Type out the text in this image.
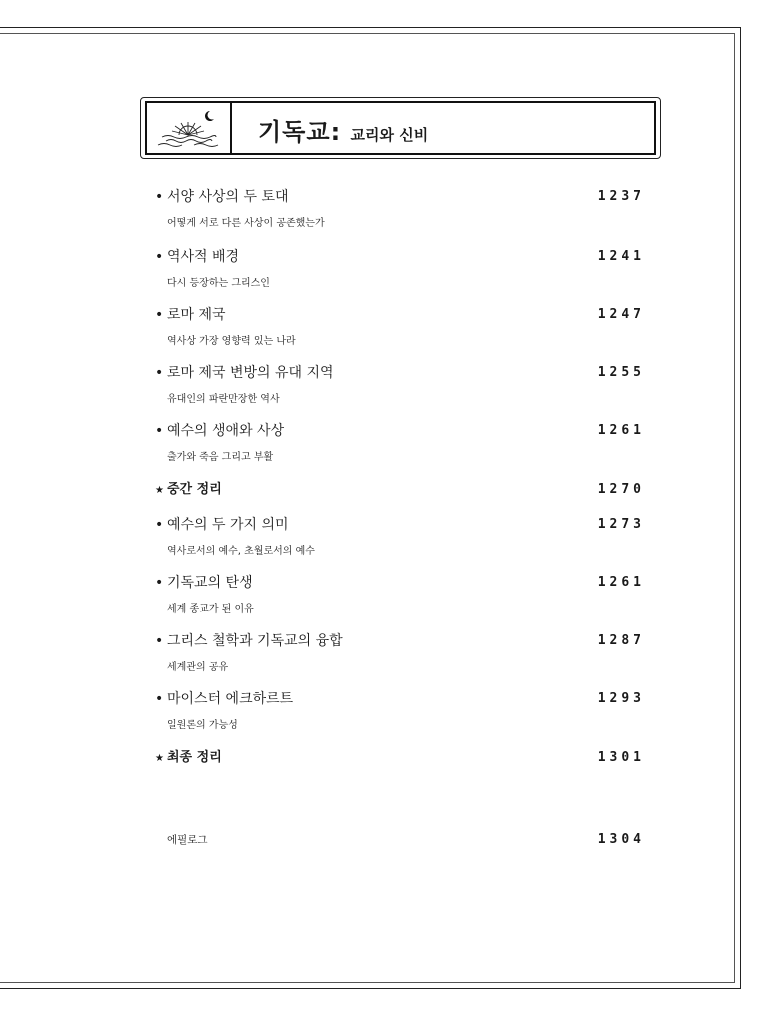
기독교: 교리와 신비
• 서양 사상의 두 토대
어떻게 서로 다른 사상이 공존했는가
1237
• 역사적 배경
다시 등장하는 그리스인
1241
• 로마 제국
역사상 가장 영향력 있는 나라
1247
• 로마 제국 변방의 유대 지역
유대인의 파란만장한 역사
1255
• 예수의 생애와 사상
출가와 죽음 그리고 부활
1261
★ 중간 정리	1270
• 예수의 두 가지 의미
역사로서의 예수, 초월로서의 예수
1273
• 기독교의 탄생
세계 종교가 된 이유
1261
• 그리스 철학과 기독교의 융합
세계관의 공유
1287
• 마이스터 에크하르트
일원론의 가능성
1293
★ 최종 정리	1301
에필로그	1304
